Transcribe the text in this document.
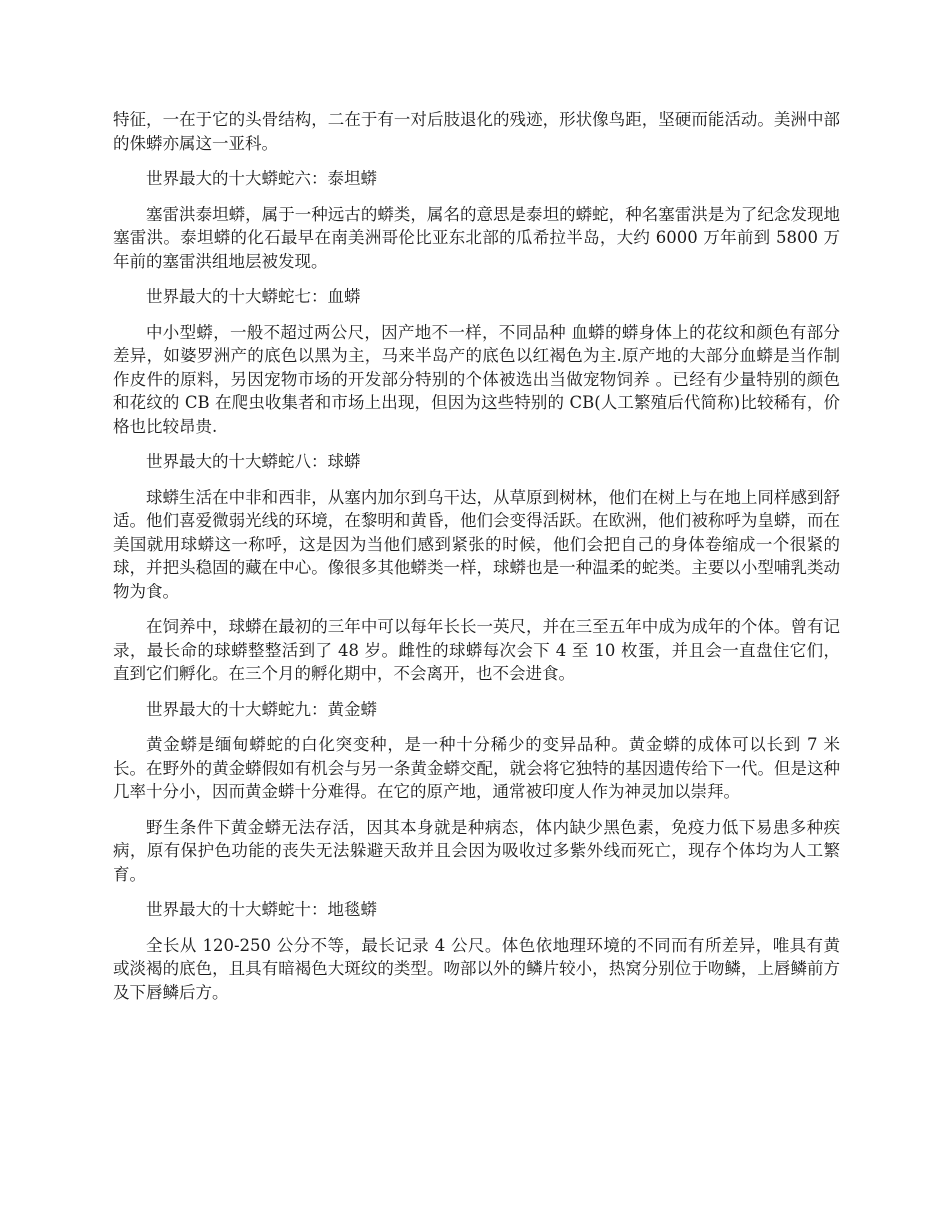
特征，一在于它的头骨结构，二在于有一对后肢退化的残迹，形状像鸟距，坚硬而能活动。美洲中部的侏蟒亦属这一亚科。

世界最大的十大蟒蛇六：泰坦蟒

塞雷洪泰坦蟒，属于一种远古的蟒类，属名的意思是泰坦的蟒蛇，种名塞雷洪是为了纪念发现地塞雷洪。泰坦蟒的化石最早在南美洲哥伦比亚东北部的瓜希拉半岛，大约 6000 万年前到 5800 万年前的塞雷洪组地层被发现。

世界最大的十大蟒蛇七：血蟒

中小型蟒，一般不超过两公尺，因产地不一样，不同品种 血蟒的蟒身体上的花纹和颜色有部分差异，如婆罗洲产的底色以黑为主，马来半岛产的底色以红褐色为主.原产地的大部分血蟒是当作制作皮件的原料，另因宠物市场的开发部分特别的个体被选出当做宠物饲养 。已经有少量特别的颜色和花纹的 CB 在爬虫收集者和市场上出现，但因为这些特别的 CB(人工繁殖后代简称)比较稀有，价格也比较昂贵.

世界最大的十大蟒蛇八：球蟒

球蟒生活在中非和西非，从塞内加尔到乌干达，从草原到树林，他们在树上与在地上同样感到舒适。他们喜爱微弱光线的环境，在黎明和黄昏，他们会变得活跃。在欧洲，他们被称呼为皇蟒，而在美国就用球蟒这一称呼，这是因为当他们感到紧张的时候，他们会把自己的身体卷缩成一个很紧的球，并把头稳固的藏在中心。像很多其他蟒类一样，球蟒也是一种温柔的蛇类。主要以小型哺乳类动物为食。

在饲养中，球蟒在最初的三年中可以每年长长一英尺，并在三至五年中成为成年的个体。曾有记录，最长命的球蟒整整活到了 48 岁。雌性的球蟒每次会下 4 至 10 枚蛋，并且会一直盘住它们，直到它们孵化。在三个月的孵化期中，不会离开，也不会进食。

世界最大的十大蟒蛇九：黄金蟒

黄金蟒是缅甸蟒蛇的白化突变种，是一种十分稀少的变异品种。黄金蟒的成体可以长到 7 米长。在野外的黄金蟒假如有机会与另一条黄金蟒交配，就会将它独特的基因遗传给下一代。但是这种几率十分小，因而黄金蟒十分难得。在它的原产地，通常被印度人作为神灵加以崇拜。

野生条件下黄金蟒无法存活，因其本身就是种病态，体内缺少黑色素，免疫力低下易患多种疾病，原有保护色功能的丧失无法躲避天敌并且会因为吸收过多紫外线而死亡，现存个体均为人工繁育。

世界最大的十大蟒蛇十：地毯蟒

全长从 120-250 公分不等，最长记录 4 公尺。体色依地理环境的不同而有所差异，唯具有黄或淡褐的底色，且具有暗褐色大斑纹的类型。吻部以外的鳞片较小，热窝分别位于吻鳞，上唇鳞前方及下唇鳞后方。
